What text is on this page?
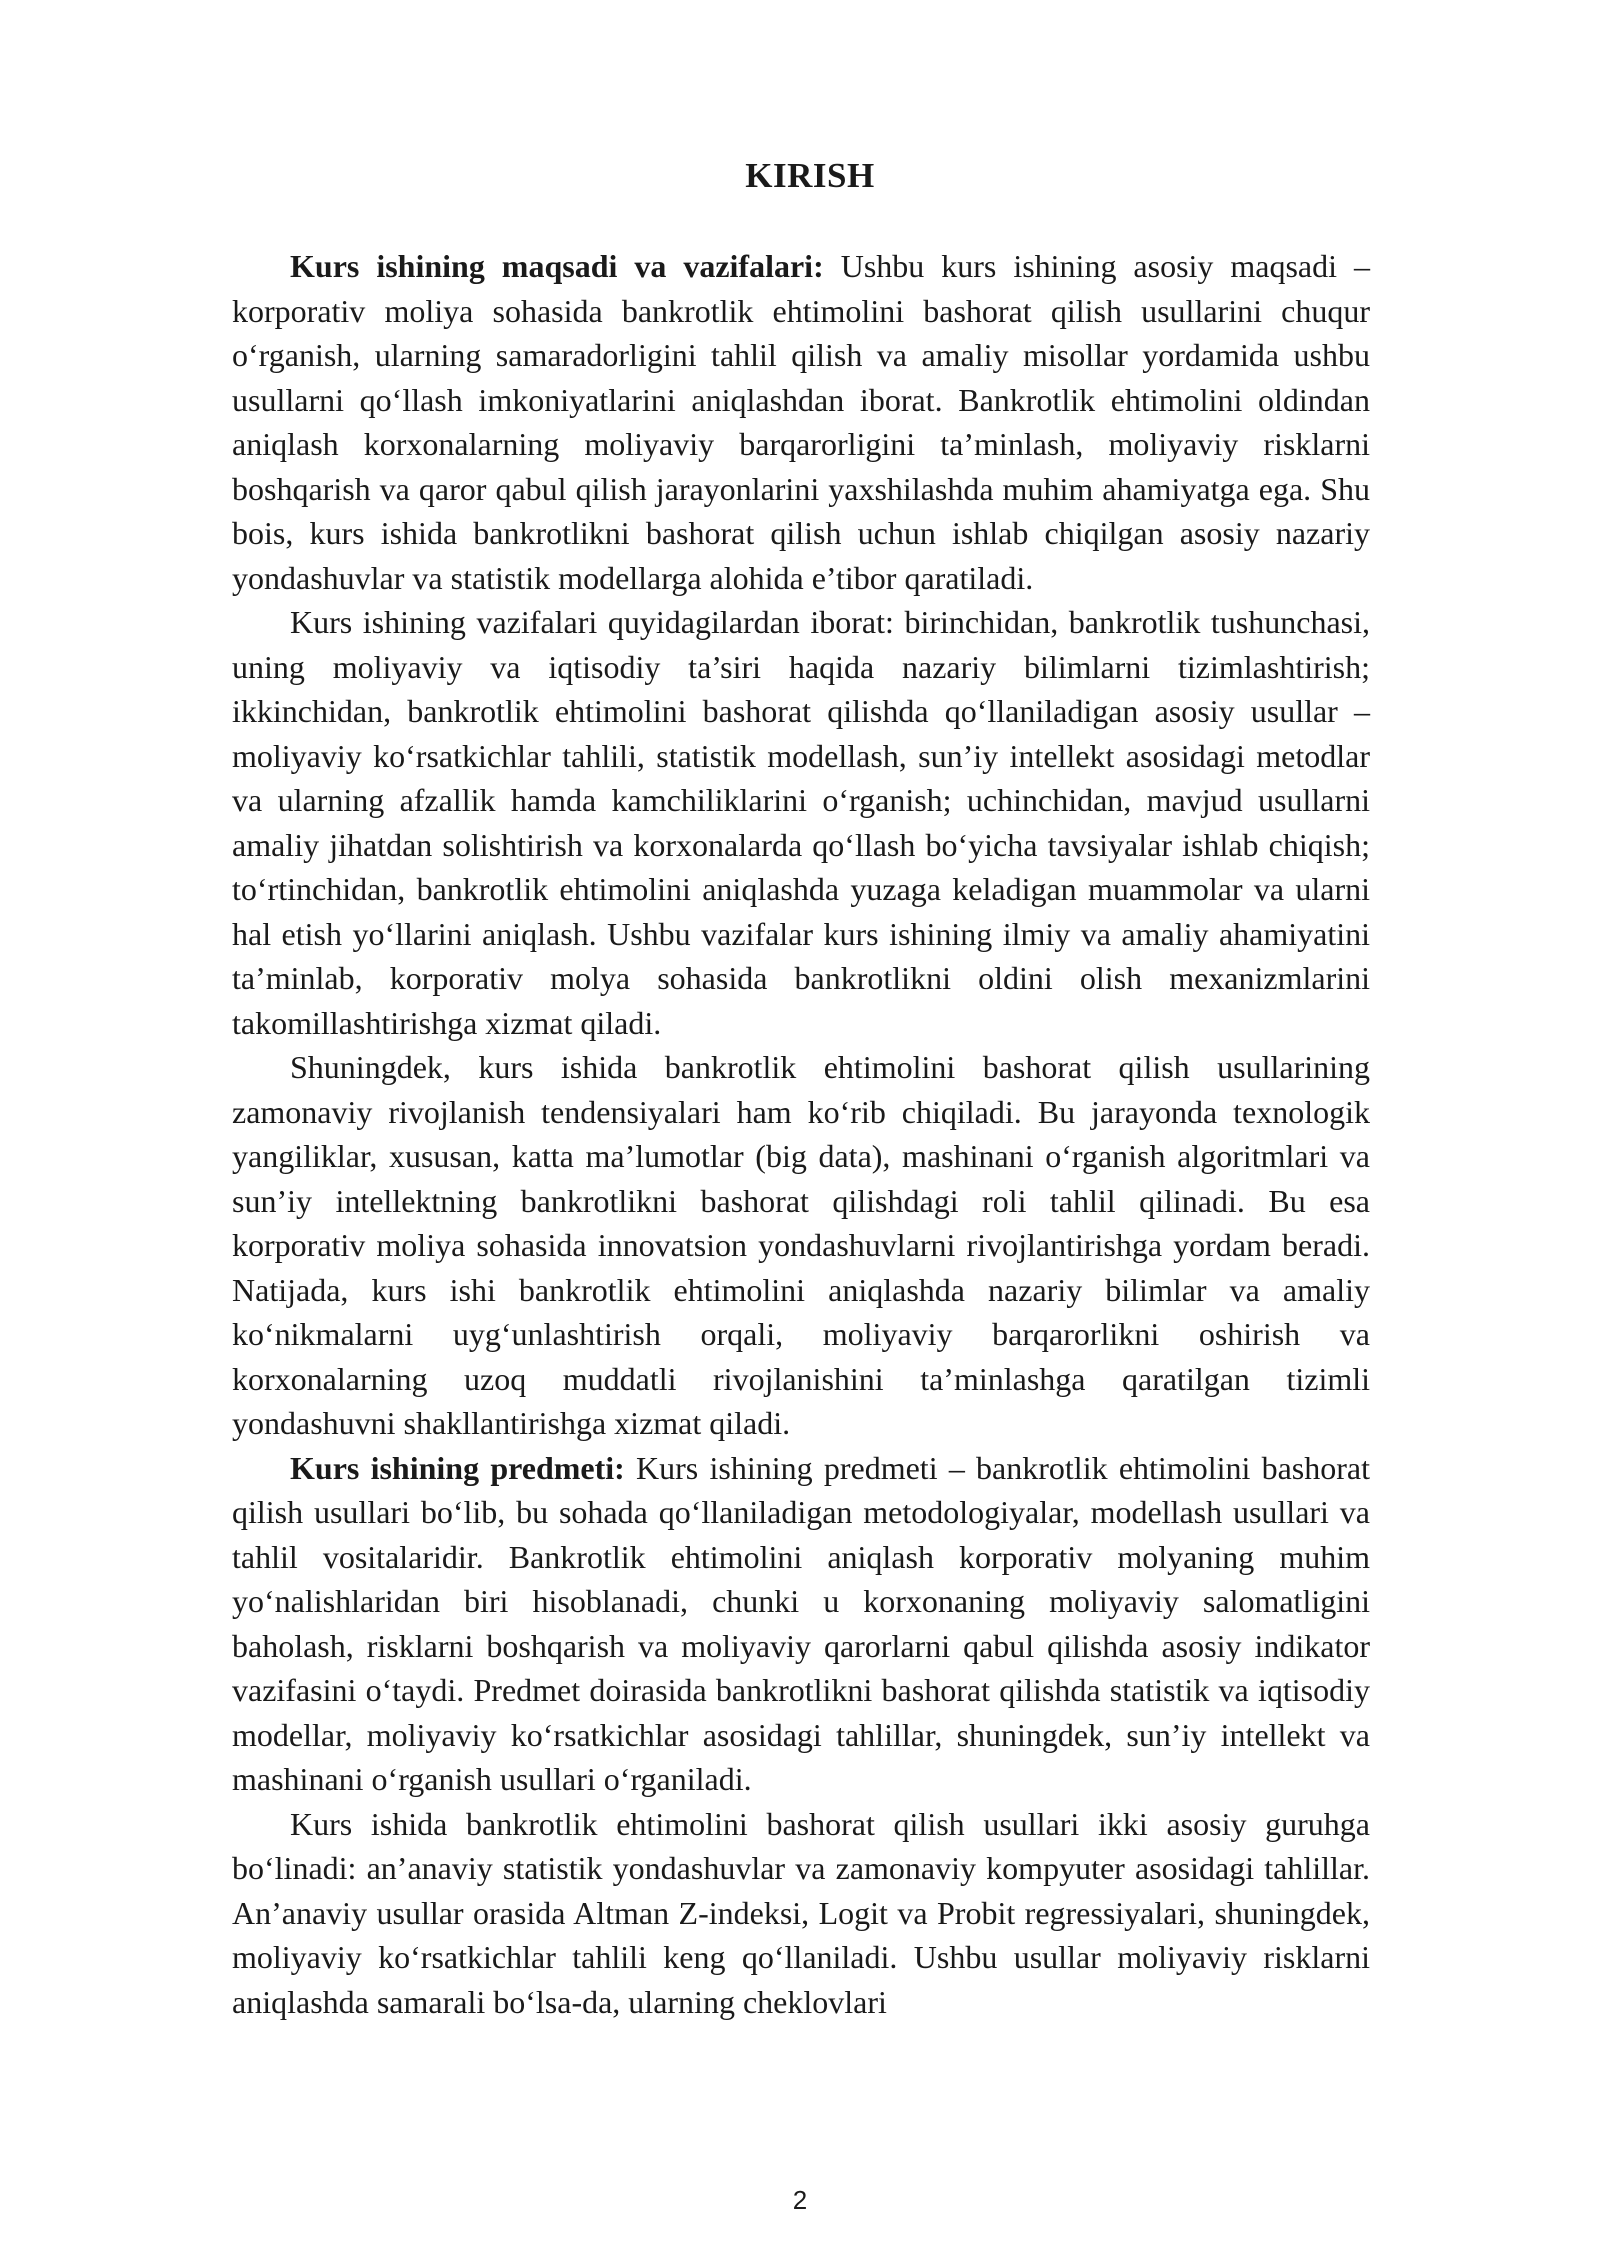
KIRISH

Kurs ishining maqsadi va vazifalari: Ushbu kurs ishining asosiy maqsadi – korporativ moliya sohasida bankrotlik ehtimolini bashorat qilish usullarini chuqur o‘rganish, ularning samaradorligini tahlil qilish va amaliy misollar yordamida ushbu usullarni qo‘llash imkoniyatlarini aniqlashdan iborat. Bankrotlik ehtimolini oldindan aniqlash korxonalarning moliyaviy barqarorligini ta’minlash, moliyaviy risklarni boshqarish va qaror qabul qilish jarayonlarini yaxshilashda muhim ahamiyatga ega. Shu bois, kurs ishida bankrotlikni bashorat qilish uchun ishlab chiqilgan asosiy nazariy yondashuvlar va statistik modellarga alohida e’tibor qaratiladi.

Kurs ishining vazifalari quyidagilardan iborat: birinchidan, bankrotlik tushunchasi, uning moliyaviy va iqtisodiy ta’siri haqida nazariy bilimlarni tizimlashtirish; ikkinchidan, bankrotlik ehtimolini bashorat qilishda qo‘llaniladigan asosiy usullar – moliyaviy ko‘rsatkichlar tahlili, statistik modellash, sun’iy intellekt asosidagi metodlar va ularning afzallik hamda kamchiliklarini o‘rganish; uchinchidan, mavjud usullarni amaliy jihatdan solishtirish va korxonalarda qo‘llash bo‘yicha tavsiyalar ishlab chiqish; to‘rtinchidan, bankrotlik ehtimolini aniqlashda yuzaga keladigan muammolar va ularni hal etish yo‘llarini aniqlash. Ushbu vazifalar kurs ishining ilmiy va amaliy ahamiyatini ta’minlab, korporativ molya sohasida bankrotlikni oldini olish mexanizmlarini takomillashtirishga xizmat qiladi.

Shuningdek, kurs ishida bankrotlik ehtimolini bashorat qilish usullarining zamonaviy rivojlanish tendensiyalari ham ko‘rib chiqiladi. Bu jarayonda texnologik yangiliklar, xususan, katta ma’lumotlar (big data), mashinani o‘rganish algoritmlari va sun’iy intellektning bankrotlikni bashorat qilishdagi roli tahlil qilinadi. Bu esa korporativ moliya sohasida innovatsion yondashuvlarni rivojlantirishga yordam beradi. Natijada, kurs ishi bankrotlik ehtimolini aniqlashda nazariy bilimlar va amaliy ko‘nikmalarni uyg‘unlashtirish orqali, moliyaviy barqarorlikni oshirish va korxonalarning uzoq muddatli rivojlanishini ta’minlashga qaratilgan tizimli yondashuvni shakllantirishga xizmat qiladi.

Kurs ishining predmeti: Kurs ishining predmeti – bankrotlik ehtimolini bashorat qilish usullari bo‘lib, bu sohada qo‘llaniladigan metodologiyalar, modellash usullari va tahlil vositalaridir. Bankrotlik ehtimolini aniqlash korporativ molyaning muhim yo‘nalishlaridan biri hisoblanadi, chunki u korxonaning moliyaviy salomatligini baholash, risklarni boshqarish va moliyaviy qarorlarni qabul qilishda asosiy indikator vazifasini o‘taydi. Predmet doirasida bankrotlikni bashorat qilishda statistik va iqtisodiy modellar, moliyaviy ko‘rsatkichlar asosidagi tahlillar, shuningdek, sun’iy intellekt va mashinani o‘rganish usullari o‘rganiladi.

Kurs ishida bankrotlik ehtimolini bashorat qilish usullari ikki asosiy guruhga bo‘linadi: an’anaviy statistik yondashuvlar va zamonaviy kompyuter asosidagi tahlillar. An’anaviy usullar orasida Altman Z-indeksi, Logit va Probit regressiyalari, shuningdek, moliyaviy ko‘rsatkichlar tahlili keng qo‘llaniladi. Ushbu usullar moliyaviy risklarni aniqlashda samarali bo‘lsa-da, ularning cheklovlari

2
